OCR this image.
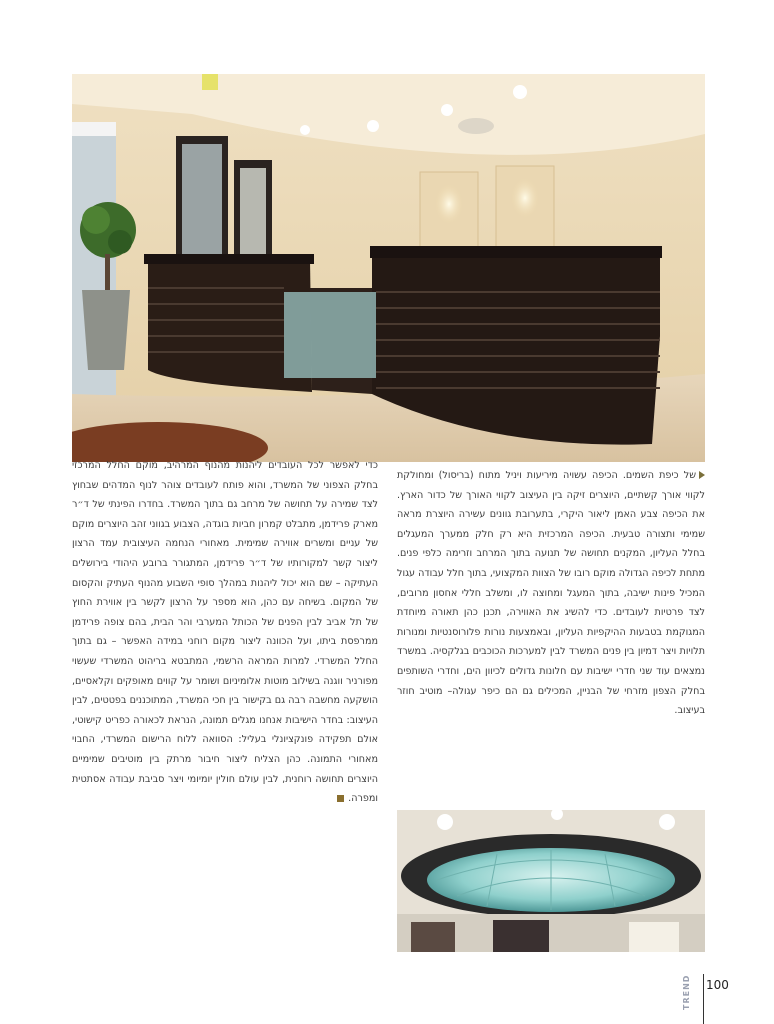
כדי לאפשר לכל העובדים ליהנות מהנוף המרהיב, מוקם החלל המרכזי בחלק הצפוני של המשרד, והוא פותח לעובדים צוהר לנוף המדהים שבחוץ לצד שמירה על תחושה של מרחב גם בתוך המשרד. בחדרו הפינתי של ד״ר מארק פרידמן, מתבלט קמרון חביות בוגדה, הצבוע בגווני זהב היוצרים מוקם של עניים ומשרים אווירה שמימית. מאחורי הנחמה העיצובית עמד הרצון ליצור קשר למקורותיו של ד״ר פרידמן, המתגורר ברובע היהודי בירושלים העתיקה – שם הוא יכול ליהנות במהלך סופי השבוע מהנוף העתיק והקסום של המקום. בשיחה עם כהן, הוא מספר על הרצון לקשר בין אווירת החוץ של תל אביב לבין הפנים של הכותל המערבי והר הבית, בהם צופה פרידמן ממרפסת ביתו, ועל הכוונה ליצור מקום רוחני במידה האפשר – גם בתוך החלל המשרדי. למרות המראה הרשמי, המתבטא בריהוט המשרדי שעשוי מפורניר ווגנה בשילוב מוטות אלומיניום ושומר על קווים מאופקים וקלאסיים, הושקעה מחשבה רבה גם בקישור בין חכי המשרד, המתוכננים בפטטים, לבין העיצוב: בחדר הישיבות אנחנו מגלים תמונה, הנראת לכאורה כפריט קישוטי, אולם תפקידה פונקציונלי בעליל: הסוואה ללוח הרישום המשרדי, החבוי מאחורי התמונה. כהן הצליח ליצור חיבור מרתק בין מוטיבים שמימיים היוצרים תחושה רוחנית, לבין עולם חולין יומיומי ויצר סביבת עבודה אסתטית ומפרה.

של כיפת השמים. הכיפה עשויה מיריעות ויניל מתוח (בריסול) ומחולקת לקווי אורך קשתיים, היוצרים זיקה בין העיצוב לקווי האורך של כדור הארץ. את הכיפה צבע האמן ליאור היקרי, בתערובת גוונים עשירה היוצרת מראה שמימי ותצורה טבעית. הכיפה המרכזית היא רק חלק ממערך המעגלים בחלל העליון, המקנים תחושה של תנועה בתוך המרחב וזרימה כלפי פנים. מתחת לכיפה הגדולה מוקם רובו של הצוות המקצועי, בתוך חלל עבודה עגול המכיל פינות ישיבה, בתוך המעגל ומחוצה לו, ומשלב חללי אחסון מרובים, לצד פרטיות לעובדים. כדי להשיג את האווירה, תכנן כהן תאורה מיוחדת המגוקמת בטבעות ההיקפיות העליון, ובאמצעות נורות פלורוסנטיות ומנורות תלויות ויצר דמיון בין פנים המשרד לבין למערכות הכוכבים בגלקסיה. במשרד נמצאים עוד שני חדרי ישיבות עם חלונות גדולים לכיוון הים, וחדרי השותפים בחלק הצפון מזרחי של הבניין, המכילים גם הם כיפר עגולה– מוטיב חוזר בעיצוב.

TREND 100
